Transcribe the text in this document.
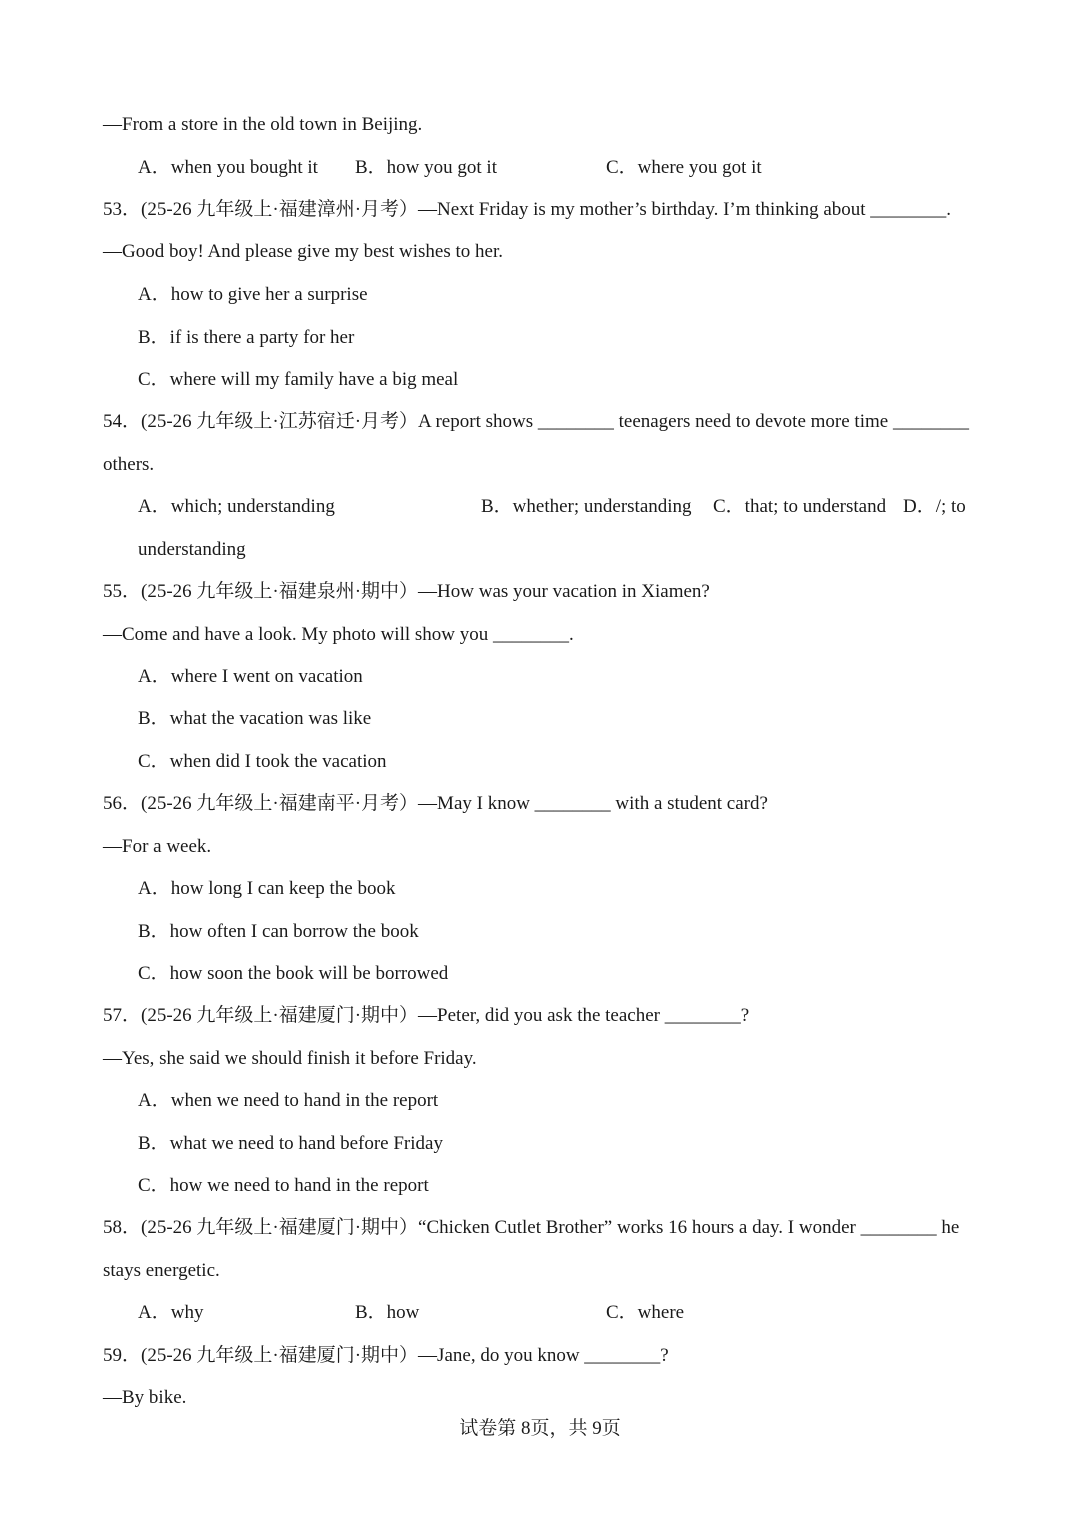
—From a store in the old town in Beijing.
A．when you bought it B．how you got it	C．where you got it
53．(25-26 九年级上·福建漳州·月考）—Next Friday is my mother’s birthday. I’m thinking about ________.
—Good boy! And please give my best wishes to her.
A．how to give her a surprise
B．if is there a party for her
C．where will my family have a big meal
54．(25-26 九年级上·江苏宿迁·月考）A report shows ________ teenagers need to devote more time ________
others.
A．which; understanding	B．whether; understanding C．that; to understand D．/; to
understanding
55．(25-26 九年级上·福建泉州·期中）—How was your vacation in Xiamen?
—Come and have a look. My photo will show you ________.
A．where I went on vacation
B．what the vacation was like
C．when did I took the vacation
56．(25-26 九年级上·福建南平·月考）—May I know ________ with a student card?
—For a week.
A．how long I can keep the book
B．how often I can borrow the book
C．how soon the book will be borrowed
57．(25-26 九年级上·福建厦门·期中）—Peter, did you ask the teacher ________?
—Yes, she said we should finish it before Friday.
A．when we need to hand in the report
B．what we need to hand before Friday
C．how we need to hand in the report
58．(25-26 九年级上·福建厦门·期中）“Chicken Cutlet Brother” works 16 hours a day. I wonder ________ he
stays energetic.
A．why	B．how	C．where
59．(25-26 九年级上·福建厦门·期中）—Jane, do you know ________?
—By bike.
试卷第 8页，共 9页
